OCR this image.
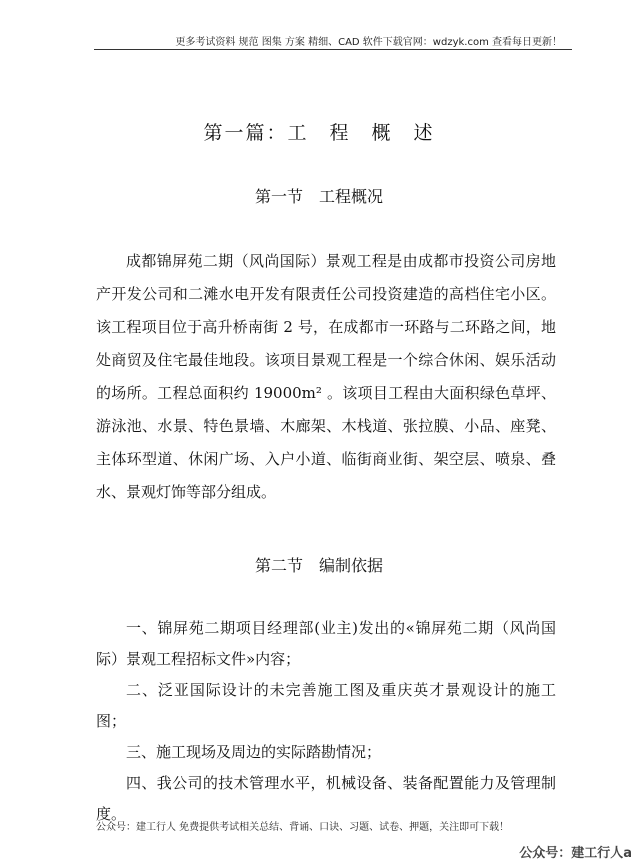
更多考试资料 规范 图集 方案 精细、CAD 软件下载官网：wdzyk.com 查看每日更新！
第一篇：工　程　概　述
第一节　工程概况

成都锦屏苑二期（风尚国际）景观工程是由成都市投资公司房地产开发公司和二滩水电开发有限责任公司投资建造的高档住宅小区。该工程项目位于高升桥南街 2 号，在成都市一环路与二环路之间，地处商贸及住宅最佳地段。该项目景观工程是一个综合休闲、娱乐活动的场所。工程总面积约 19000m² 。该项目工程由大面积绿色草坪、游泳池、水景、特色景墙、木廊架、木栈道、张拉膜、小品、座凳、主体环型道、休闲广场、入户小道、临街商业街、架空层、喷泉、叠水、景观灯饰等部分组成。

第二节　编制依据
一、锦屏苑二期项目经理部(业主)发出的«锦屏苑二期（风尚国际）景观工程招标文件»内容；
二、泛亚国际设计的未完善施工图及重庆英才景观设计的施工图；
三、施工现场及周边的实际踏勘情况；
四、我公司的技术管理水平，机械设备、装备配置能力及管理制度。
公众号：建工行人 免费提供考试相关总结、背诵、口诀、习题、试卷、押题，关注即可下载！
公众号：建工行人a
